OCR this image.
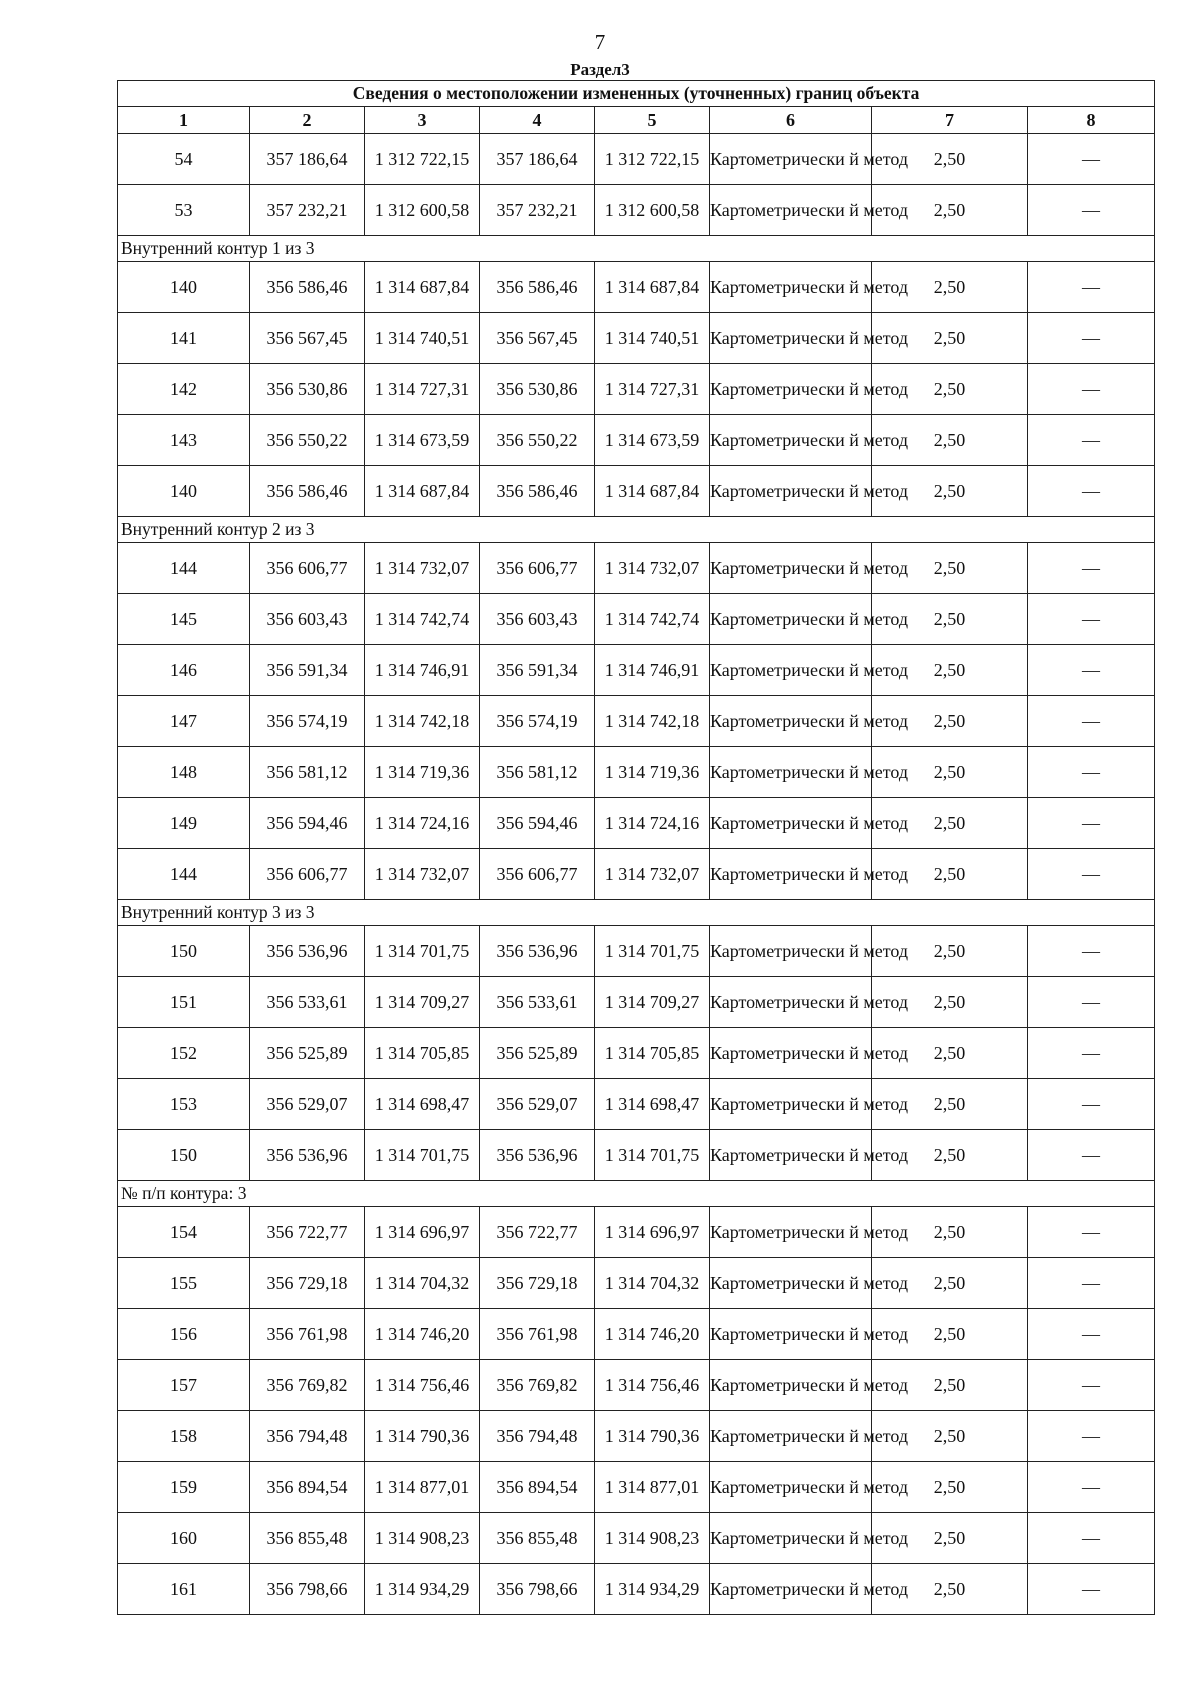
7
Раздел3
Сведения о местоположении измененных (уточненных) границ объекта							
1	2	3	4	5	6	7	8
54	357 186,64	1 312 722,15	357 186,64	1 312 722,15	Картометрически й метод	2,50	—
53	357 232,21	1 312 600,58	357 232,21	1 312 600,58	Картометрически й метод	2,50	—
Внутренний контур 1 из 3							
140	356 586,46	1 314 687,84	356 586,46	1 314 687,84	Картометрически й метод	2,50	—
141	356 567,45	1 314 740,51	356 567,45	1 314 740,51	Картометрически й метод	2,50	—
142	356 530,86	1 314 727,31	356 530,86	1 314 727,31	Картометрически й метод	2,50	—
143	356 550,22	1 314 673,59	356 550,22	1 314 673,59	Картометрически й метод	2,50	—
140	356 586,46	1 314 687,84	356 586,46	1 314 687,84	Картометрически й метод	2,50	—
Внутренний контур 2 из 3							
144	356 606,77	1 314 732,07	356 606,77	1 314 732,07	Картометрически й метод	2,50	—
145	356 603,43	1 314 742,74	356 603,43	1 314 742,74	Картометрически й метод	2,50	—
146	356 591,34	1 314 746,91	356 591,34	1 314 746,91	Картометрически й метод	2,50	—
147	356 574,19	1 314 742,18	356 574,19	1 314 742,18	Картометрически й метод	2,50	—
148	356 581,12	1 314 719,36	356 581,12	1 314 719,36	Картометрически й метод	2,50	—
149	356 594,46	1 314 724,16	356 594,46	1 314 724,16	Картометрически й метод	2,50	—
144	356 606,77	1 314 732,07	356 606,77	1 314 732,07	Картометрически й метод	2,50	—
Внутренний контур 3 из 3							
150	356 536,96	1 314 701,75	356 536,96	1 314 701,75	Картометрически й метод	2,50	—
151	356 533,61	1 314 709,27	356 533,61	1 314 709,27	Картометрически й метод	2,50	—
152	356 525,89	1 314 705,85	356 525,89	1 314 705,85	Картометрически й метод	2,50	—
153	356 529,07	1 314 698,47	356 529,07	1 314 698,47	Картометрически й метод	2,50	—
150	356 536,96	1 314 701,75	356 536,96	1 314 701,75	Картометрически й метод	2,50	—
№ п/п контура: 3							
154	356 722,77	1 314 696,97	356 722,77	1 314 696,97	Картометрически й метод	2,50	—
155	356 729,18	1 314 704,32	356 729,18	1 314 704,32	Картометрически й метод	2,50	—
156	356 761,98	1 314 746,20	356 761,98	1 314 746,20	Картометрически й метод	2,50	—
157	356 769,82	1 314 756,46	356 769,82	1 314 756,46	Картометрически й метод	2,50	—
158	356 794,48	1 314 790,36	356 794,48	1 314 790,36	Картометрически й метод	2,50	—
159	356 894,54	1 314 877,01	356 894,54	1 314 877,01	Картометрически й метод	2,50	—
160	356 855,48	1 314 908,23	356 855,48	1 314 908,23	Картометрически й метод	2,50	—
161	356 798,66	1 314 934,29	356 798,66	1 314 934,29	Картометрически й метод	2,50	—
